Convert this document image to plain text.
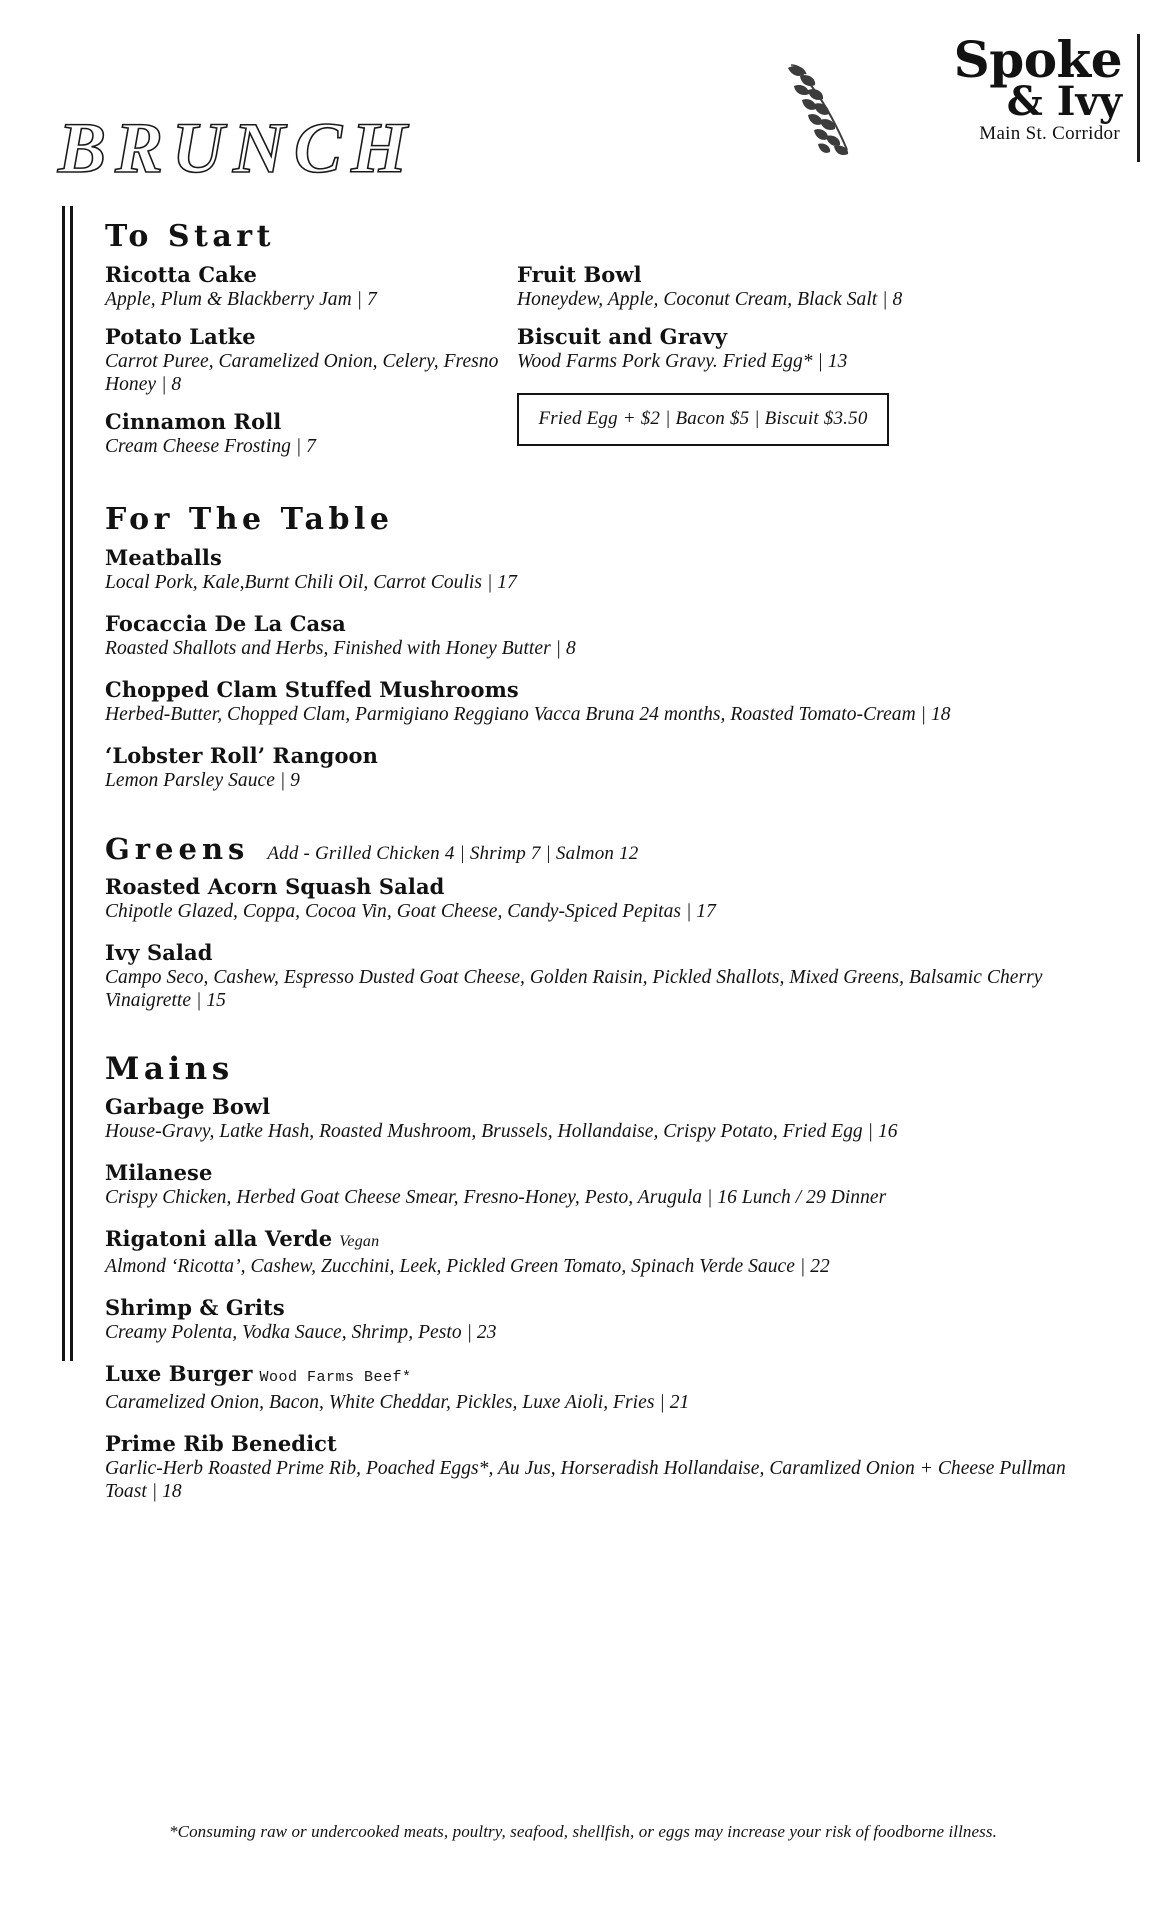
Spoke
& Ivy
Main St. Corridor
BRUNCH
To Start
Ricotta Cake
Apple, Plum & Blackberry Jam | 7
Potato Latke
Carrot Puree, Caramelized Onion, Celery, Fresno Honey | 8
Cinnamon Roll
Cream Cheese Frosting | 7
Fruit Bowl
Honeydew, Apple, Coconut Cream, Black Salt | 8
Biscuit and Gravy
Wood Farms Pork Gravy. Fried Egg* | 13
Fried Egg + $2 | Bacon $5 | Biscuit $3.50
For The Table
Meatballs
Local Pork, Kale,Burnt Chili Oil, Carrot Coulis | 17
Focaccia De La Casa
Roasted Shallots and Herbs, Finished with Honey Butter | 8
Chopped Clam Stuffed Mushrooms
Herbed-Butter, Chopped Clam, Parmigiano Reggiano Vacca Bruna 24 months, Roasted Tomato-Cream | 18
‘Lobster Roll’ Rangoon
Lemon Parsley Sauce | 9
Greens Add - Grilled Chicken 4 | Shrimp 7 | Salmon 12
Roasted Acorn Squash Salad
Chipotle Glazed, Coppa, Cocoa Vin, Goat Cheese, Candy-Spiced Pepitas | 17
Ivy Salad
Campo Seco, Cashew, Espresso Dusted Goat Cheese, Golden Raisin, Pickled Shallots, Mixed Greens, Balsamic Cherry Vinaigrette | 15
Mains
Garbage Bowl
House-Gravy, Latke Hash, Roasted Mushroom, Brussels, Hollandaise, Crispy Potato, Fried Egg | 16
Milanese
Crispy Chicken, Herbed Goat Cheese Smear, Fresno-Honey, Pesto, Arugula | 16 Lunch / 29 Dinner
Rigatoni alla Verde Vegan
Almond ‘Ricotta’, Cashew, Zucchini, Leek, Pickled Green Tomato, Spinach Verde Sauce | 22
Shrimp & Grits
Creamy Polenta, Vodka Sauce, Shrimp, Pesto | 23
Luxe Burger Wood Farms Beef*
Caramelized Onion, Bacon, White Cheddar, Pickles, Luxe Aioli, Fries | 21
Prime Rib Benedict
Garlic-Herb Roasted Prime Rib, Poached Eggs*, Au Jus, Horseradish Hollandaise, Caramlized Onion + Cheese Pullman Toast | 18
*Consuming raw or undercooked meats, poultry, seafood, shellfish, or eggs may increase your risk of foodborne illness.
